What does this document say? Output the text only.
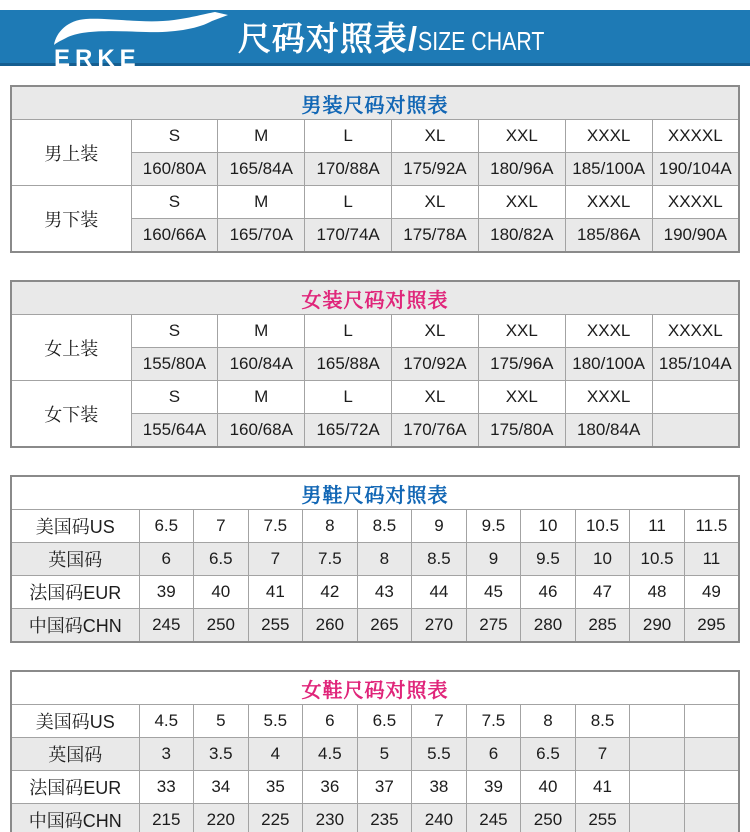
ERKE
尺码对照表/ SIZE CHART
男装尺码对照表							
男上装	S	M	L	XL	XXL	XXXL	XXXXL
	160/80A	165/84A	170/88A	175/92A	180/96A	185/100A	190/104A
男下装	S	M	L	XL	XXL	XXXL	XXXXL
	160/66A	165/70A	170/74A	175/78A	180/82A	185/86A	190/90A
女装尺码对照表							
女上装	S	M	L	XL	XXL	XXXL	XXXXL
	155/80A	160/84A	165/88A	170/92A	175/96A	180/100A	185/104A
女下装	S	M	L	XL	XXL	XXXL	
	155/64A	160/68A	165/72A	170/76A	175/80A	180/84A	
男鞋尺码对照表											
美国码US	6.5	7	7.5	8	8.5	9	9.5	10	10.5	11	11.5
英国码	6	6.5	7	7.5	8	8.5	9	9.5	10	10.5	11
法国码EUR	39	40	41	42	43	44	45	46	47	48	49
中国码CHN	245	250	255	260	265	270	275	280	285	290	295
女鞋尺码对照表											
美国码US	4.5	5	5.5	6	6.5	7	7.5	8	8.5		
英国码	3	3.5	4	4.5	5	5.5	6	6.5	7		
法国码EUR	33	34	35	36	37	38	39	40	41		
中国码CHN	215	220	225	230	235	240	245	250	255		
